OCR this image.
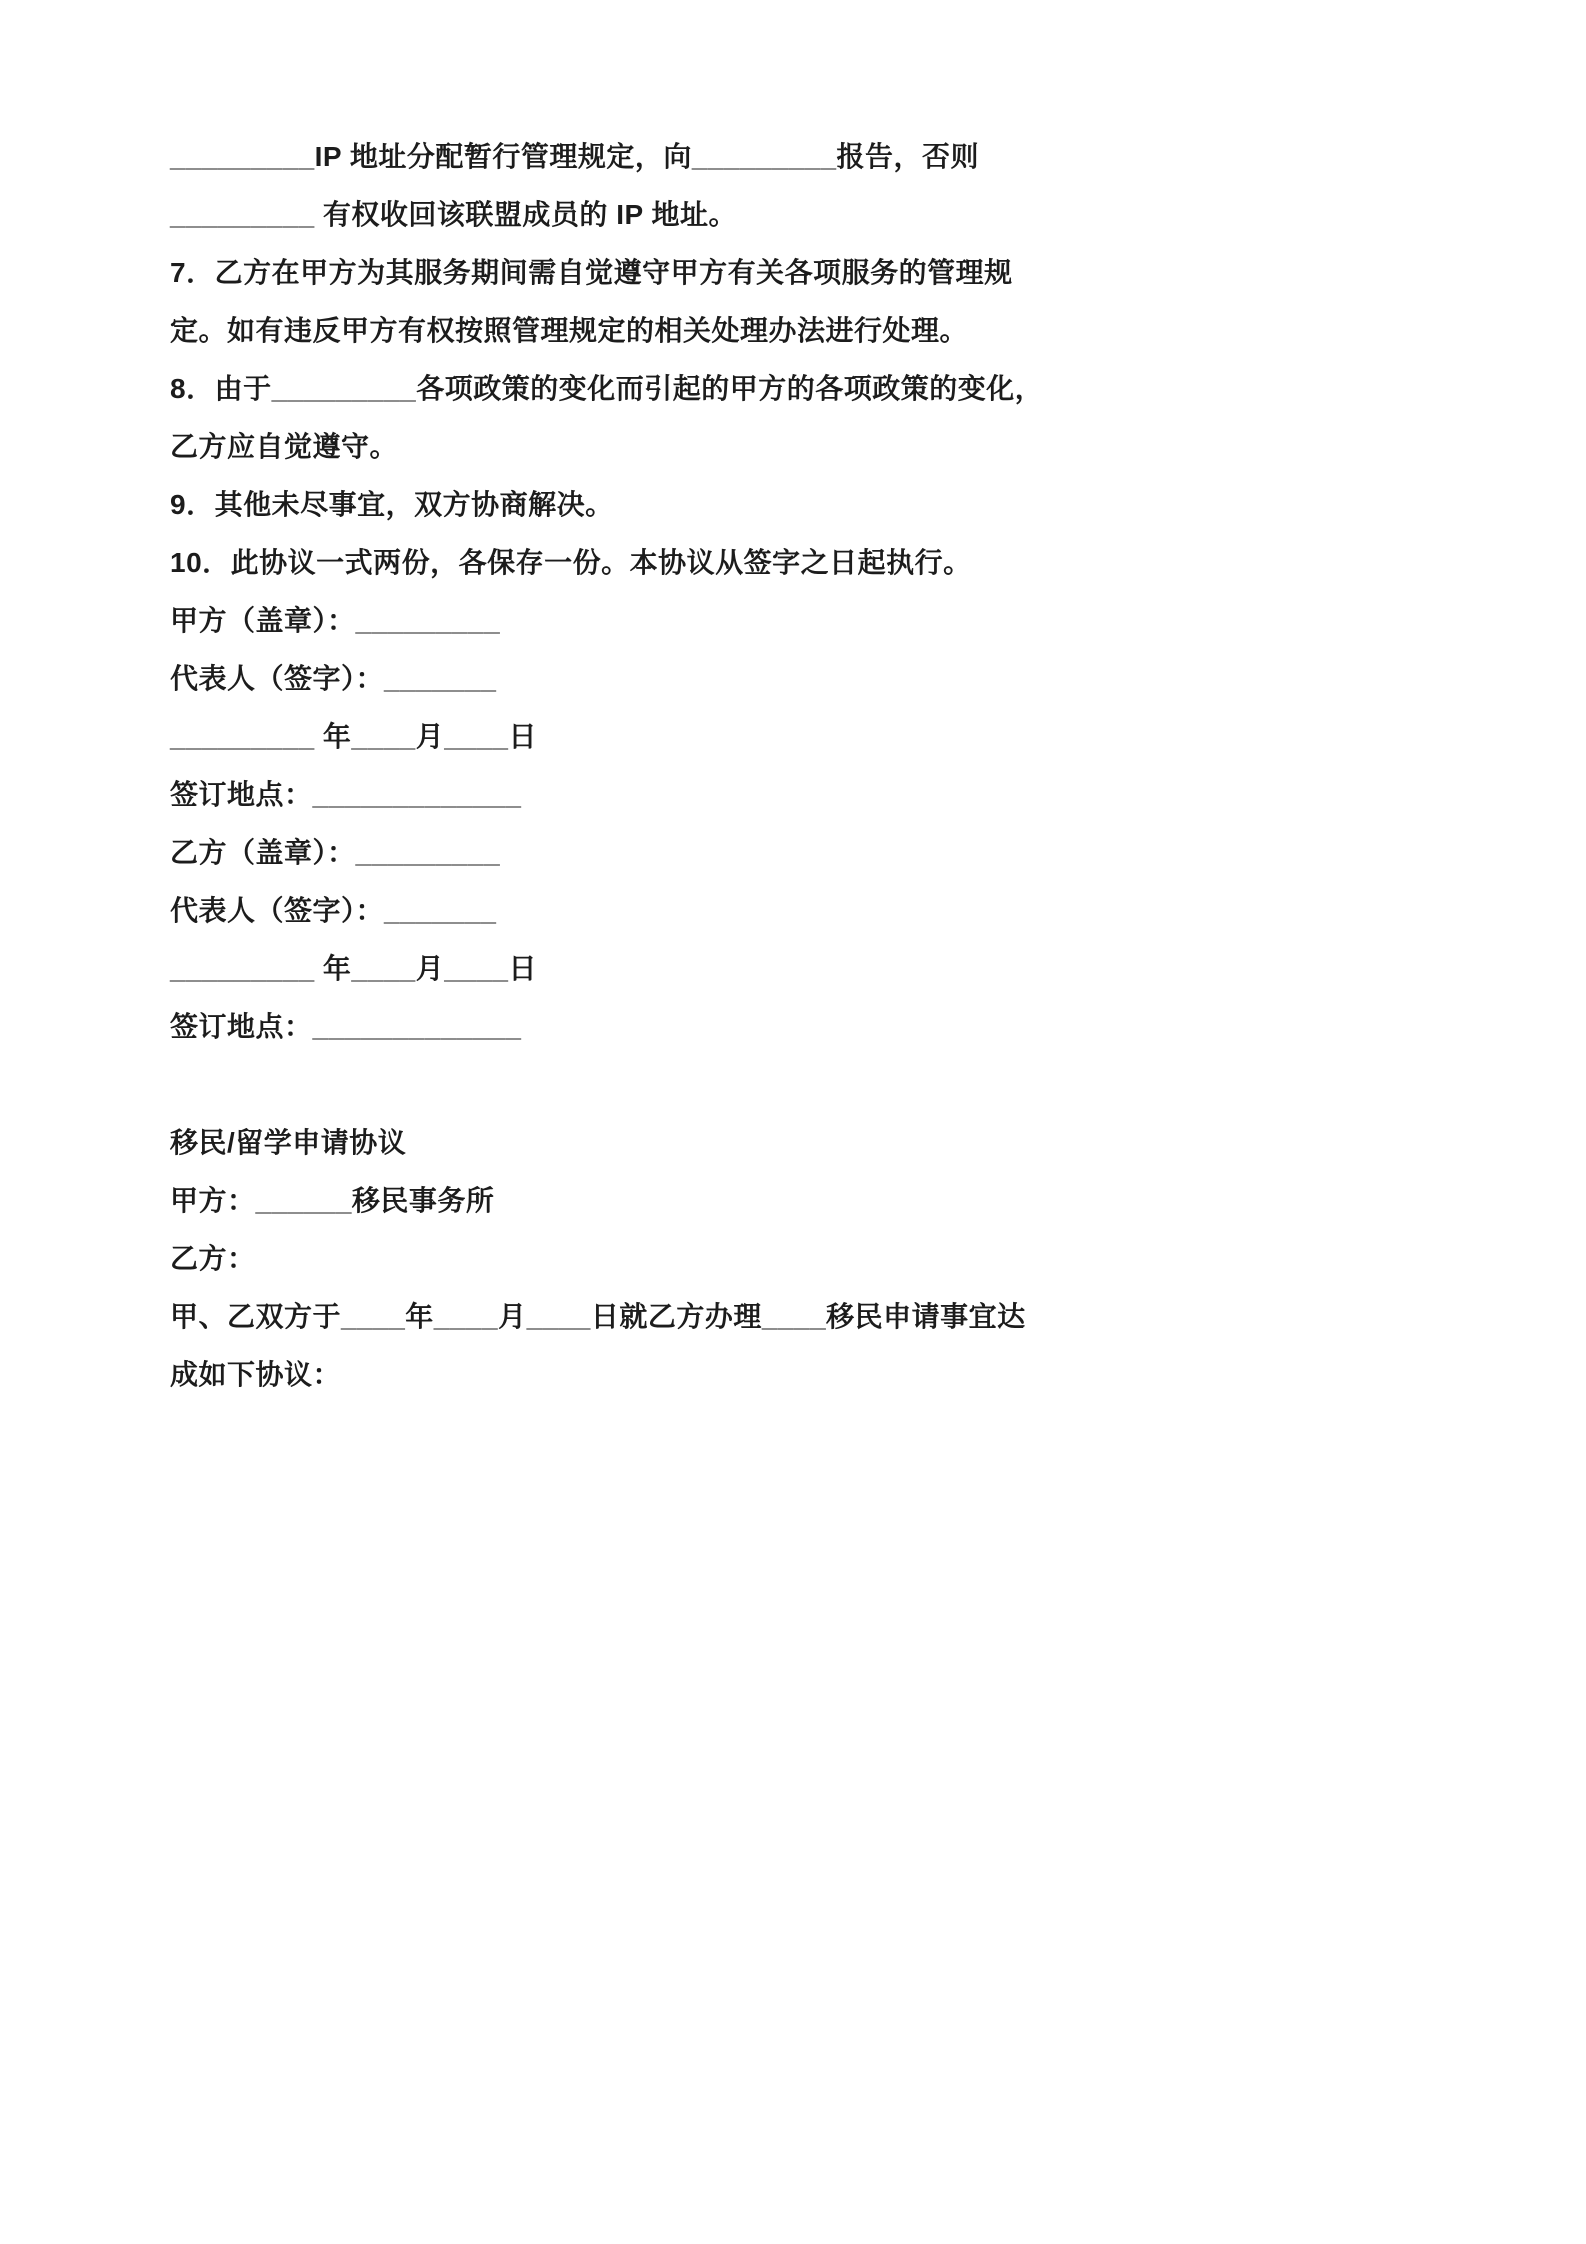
_________IP 地址分配暂行管理规定，向_________报告，否则

_________ 有权收回该联盟成员的 IP 地址。

7．乙方在甲方为其服务期间需自觉遵守甲方有关各项服务的管理规

定。如有违反甲方有权按照管理规定的相关处理办法进行处理。

8．由于_________各项政策的变化而引起的甲方的各项政策的变化，

乙方应自觉遵守。

9．其他未尽事宜，双方协商解决。

10．此协议一式两份，各保存一份。本协议从签字之日起执行。

甲方（盖章）：_________

代表人（签字）：_______

_________ 年____月____日

签订地点：_____________

乙方（盖章）：_________

代表人（签字）：_______

_________ 年____月____日

签订地点：_____________

移民/留学申请协议

甲方：______移民事务所

乙方：

甲、乙双方于____年____月____日就乙方办理____移民申请事宜达

成如下协议：
